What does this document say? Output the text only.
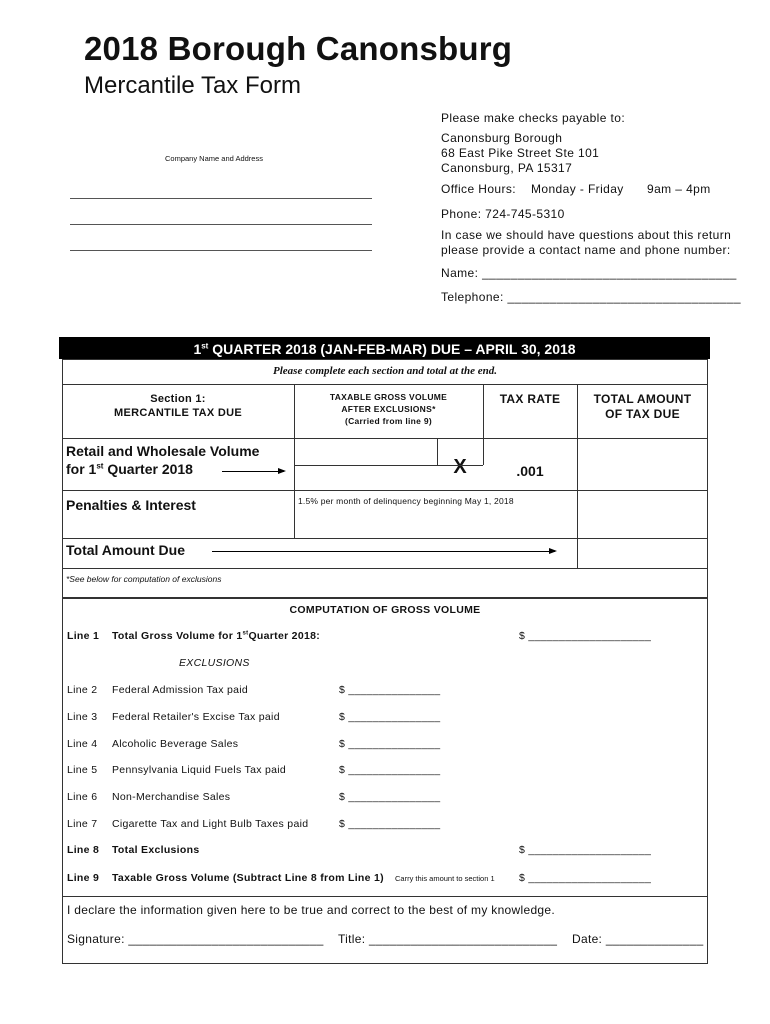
2018 Borough Canonsburg
Mercantile Tax Form
Company Name and Address
Please make checks payable to:
Canonsburg Borough
68 East Pike Street Ste 101
Canonsburg, PA 15317
Office Hours: Monday - Friday 9am – 4pm
Phone: 724-745-5310
In case we should have questions about this return
please provide a contact name and phone number:
Name: ____________________________________
Telephone: _________________________________
1st QUARTER 2018 (JAN-FEB-MAR) DUE – APRIL 30, 2018
Please complete each section and total at the end.
Section 1:
MERCANTILE TAX DUE
TAXABLE GROSS VOLUME
AFTER EXCLUSIONS*
(Carried from line 9)
TAX RATE	TOTAL AMOUNT
OF TAX DUE
Retail and Wholesale Volume
for 1st Quarter 2018	X	.001
Penalties & Interest	1.5% per month of delinquency beginning May 1, 2018
Total Amount Due
*See below for computation of exclusions
COMPUTATION OF GROSS VOLUME
Line 1 Total Gross Volume for 1stQuarter 2018:	$ ____________________
EXCLUSIONS
Line 2 Federal Admission Tax paid	$ _______________
Line 3 Federal Retailer's Excise Tax paid	$ _______________
Line 4 Alcoholic Beverage Sales	$ _______________
Line 5 Pennsylvania Liquid Fuels Tax paid	$ _______________
Line 6 Non-Merchandise Sales	$ _______________
Line 7 Cigarette Tax and Light Bulb Taxes paid	$ _______________
Line 8 Total Exclusions	$ ____________________
Line 9 Taxable Gross Volume (Subtract Line 8 from Line 1) Carry this amount to section 1 $ ____________________
I declare the information given here to be true and correct to the best of my knowledge.
Signature: ____________________________ Title: ___________________________ Date: ______________
